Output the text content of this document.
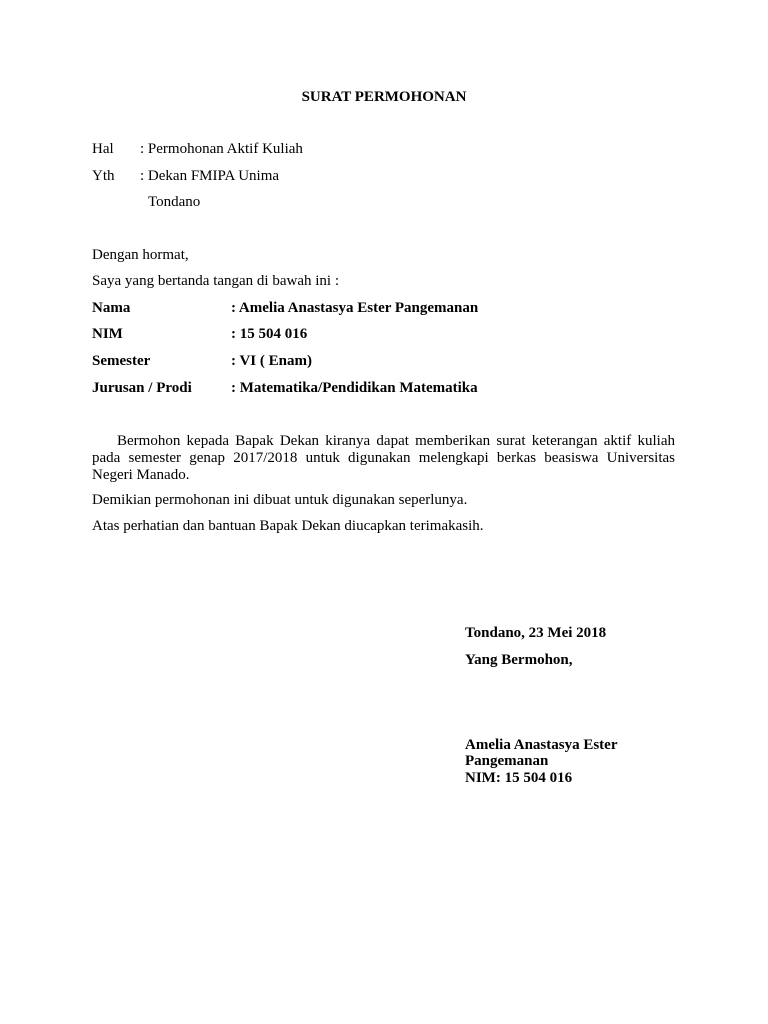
SURAT PERMOHONAN
Hal : Permohonan Aktif Kuliah
Yth : Dekan FMIPA Unima
Tondano
Dengan hormat,
Saya yang bertanda tangan di bawah ini :
Nama	: Amelia Anastasya Ester Pangemanan
NIM	: 15 504 016
Semester	: VI ( Enam)
Jurusan / Prodi	: Matematika/Pendidikan Matematika
Bermohon kepada Bapak Dekan kiranya dapat memberikan surat keterangan aktif kuliah pada semester genap 2017/2018 untuk digunakan melengkapi berkas beasiswa Universitas Negeri Manado.
Demikian permohonan ini dibuat untuk digunakan seperlunya.
Atas perhatian dan bantuan Bapak Dekan diucapkan terimakasih.
Tondano, 23 Mei 2018
Yang Bermohon,
Amelia Anastasya Ester
Pangemanan
NIM: 15 504 016
